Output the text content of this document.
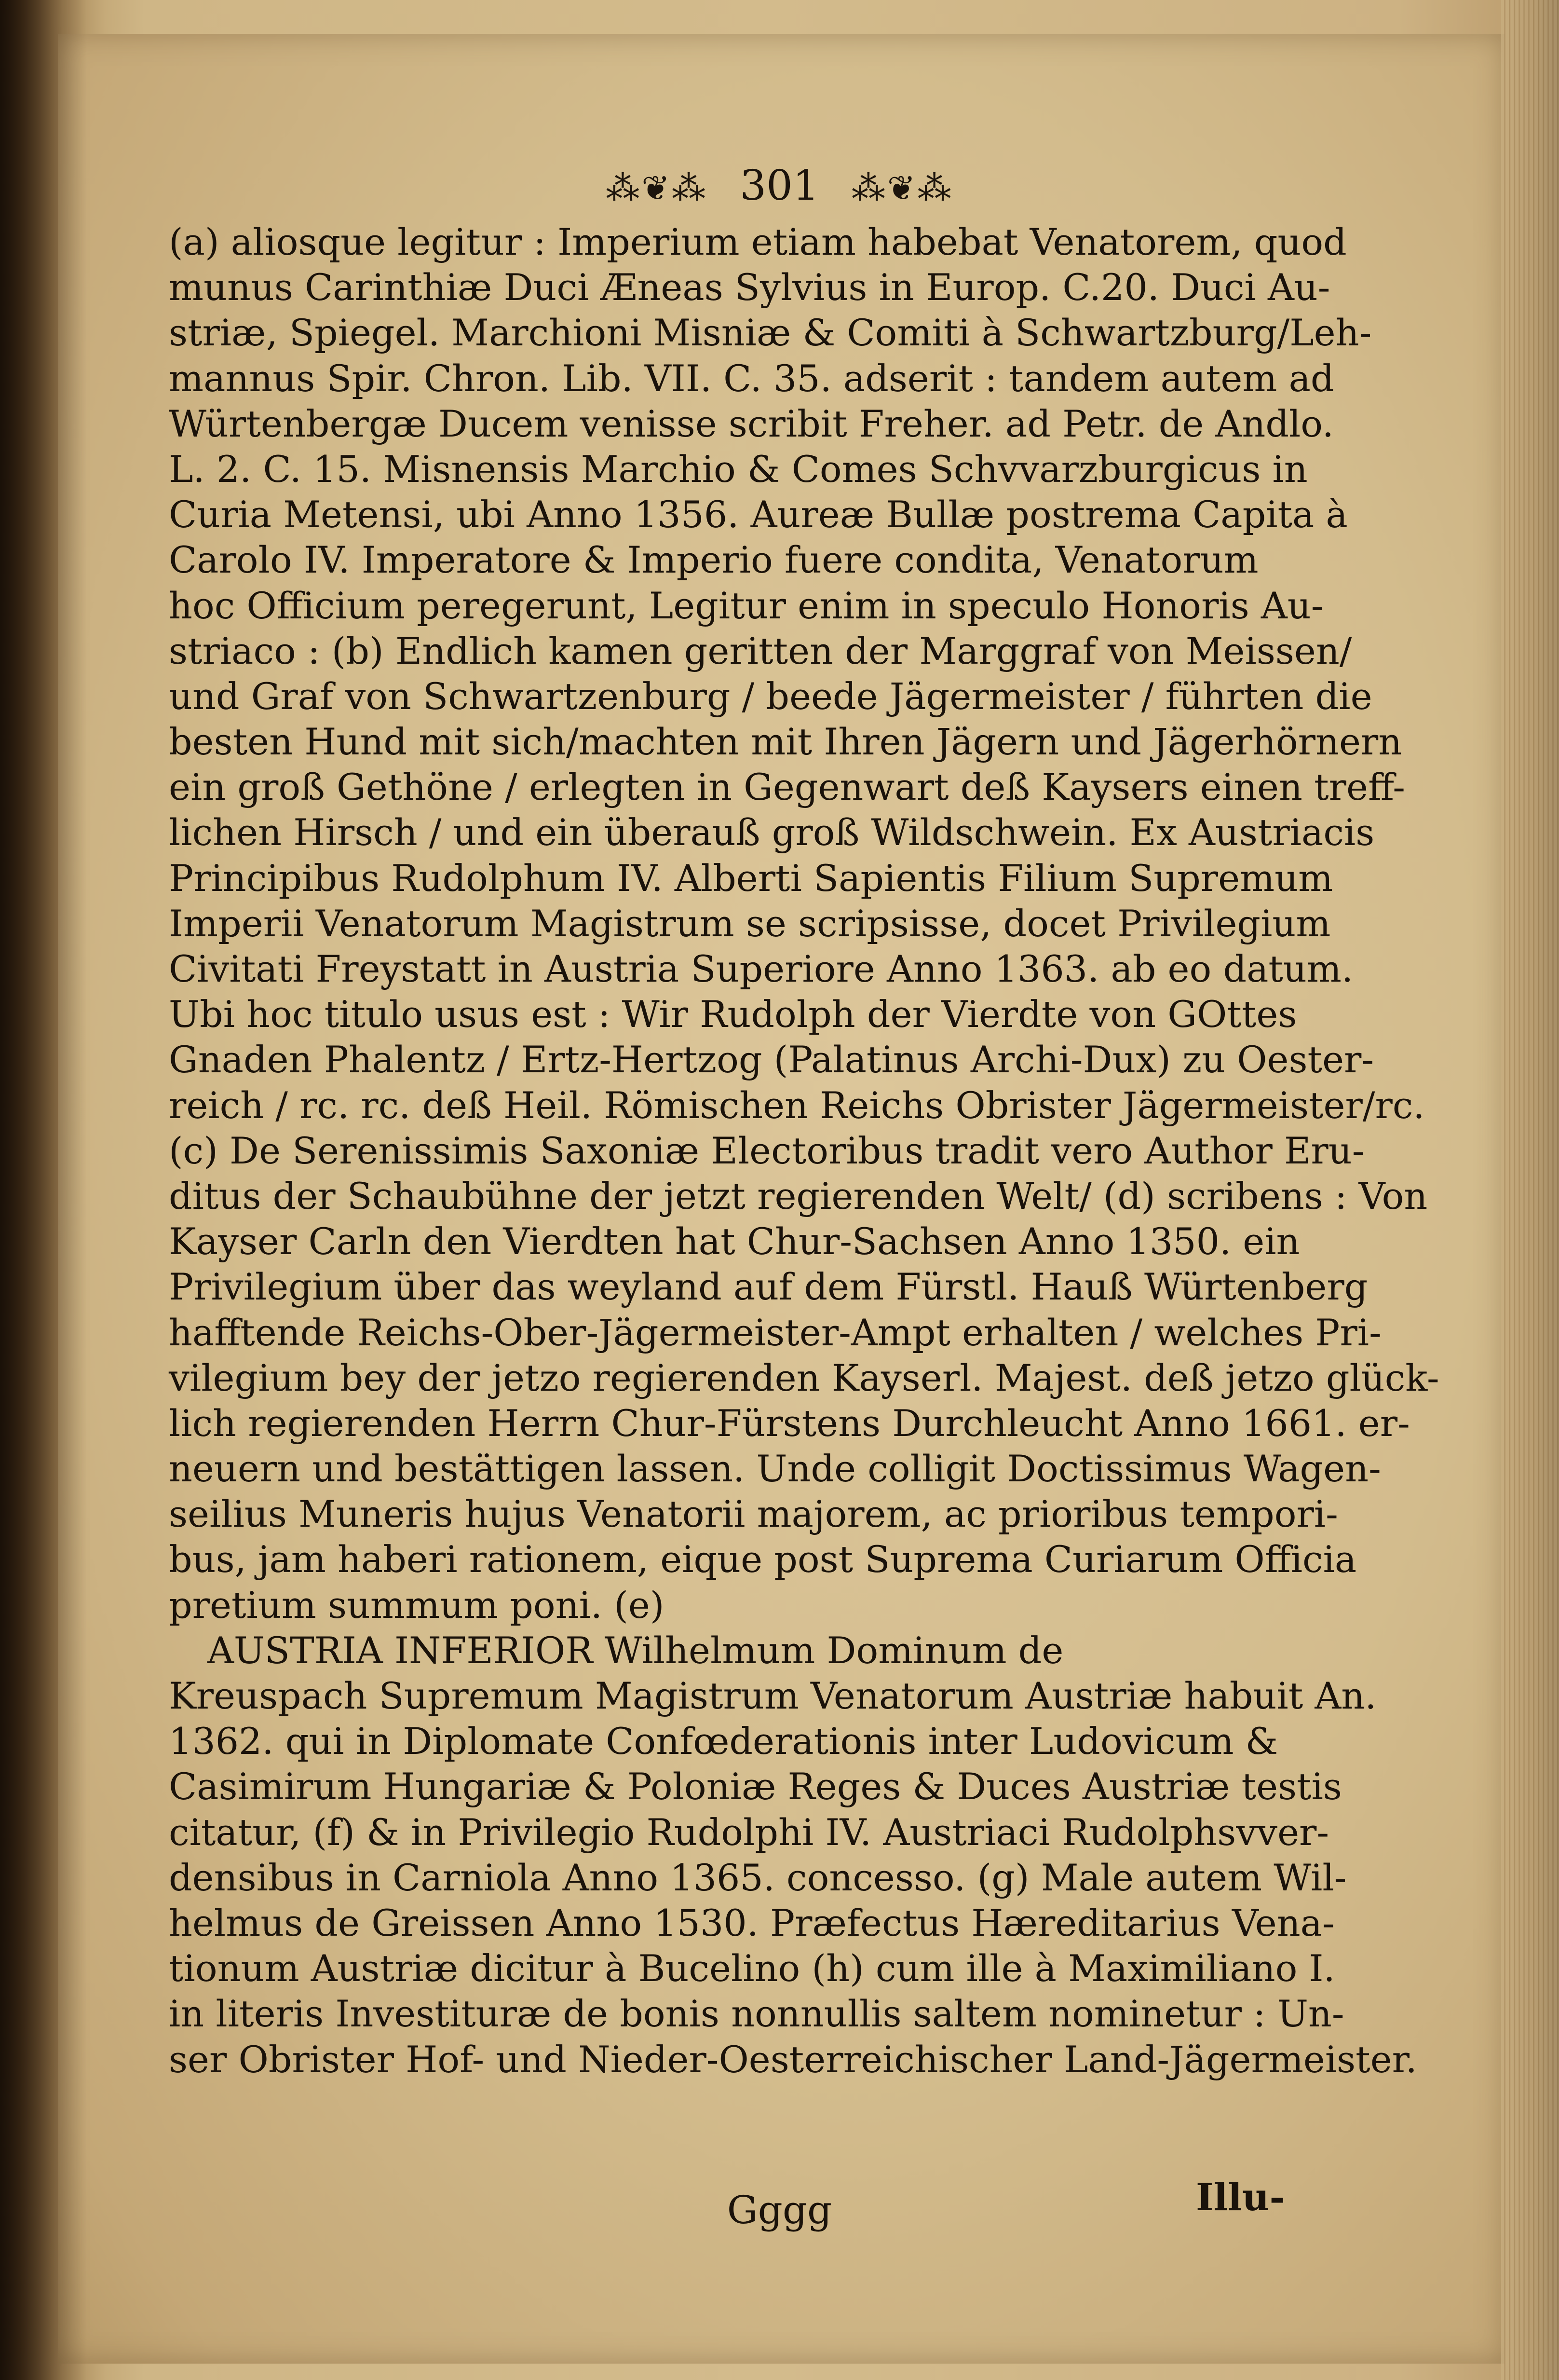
⁂❦⁂ 301 ⁂❦⁂
(a) aliosque legitur : Imperium etiam habebat Venatorem, quod
munus Carinthiæ Duci Æneas Sylvius in Europ. C.20. Duci Au-
striæ, Spiegel. Marchioni Misniæ & Comiti à Schwartzburg/Leh-
mannus Spir. Chron. Lib. VII. C. 35. adserit : tandem autem ad
Würtenbergæ Ducem venisse scribit Freher. ad Petr. de Andlo.
L. 2. C. 15. Misnensis Marchio & Comes Schvvarzburgicus in
Curia Metensi, ubi Anno 1356. Aureæ Bullæ postrema Capita à
Carolo IV. Imperatore & Imperio fuere condita, Venatorum
hoc Officium peregerunt, Legitur enim in speculo Honoris Au-
striaco : (b) Endlich kamen geritten der Marggraf von Meissen/
und Graf von Schwartzenburg / beede Jägermeister / führten die
besten Hund mit sich/machten mit Ihren Jägern und Jägerhörnern
ein groß Gethöne / erlegten in Gegenwart deß Kaysers einen treff-
lichen Hirsch / und ein überauß groß Wildschwein. Ex Austriacis
Principibus Rudolphum IV. Alberti Sapientis Filium Supremum
Imperii Venatorum Magistrum se scripsisse, docet Privilegium
Civitati Freystatt in Austria Superiore Anno 1363. ab eo datum.
Ubi hoc titulo usus est : Wir Rudolph der Vierdte von GOttes
Gnaden Phalentz / Ertz-Hertzog (Palatinus Archi-Dux) zu Oester-
reich / rc. rc. deß Heil. Römischen Reichs Obrister Jägermeister/rc.
(c) De Serenissimis Saxoniæ Electoribus tradit vero Author Eru-
ditus der Schaubühne der jetzt regierenden Welt/ (d) scribens : Von
Kayser Carln den Vierdten hat Chur-Sachsen Anno 1350. ein
Privilegium über das weyland auf dem Fürstl. Hauß Würtenberg
hafftende Reichs-Ober-Jägermeister-Ampt erhalten / welches Pri-
vilegium bey der jetzo regierenden Kayserl. Majest. deß jetzo glück-
lich regierenden Herrn Chur-Fürstens Durchleucht Anno 1661. er-
neuern und bestättigen lassen. Unde colligit Doctissimus Wagen-
seilius Muneris hujus Venatorii majorem, ac prioribus tempori-
bus, jam haberi rationem, eique post Suprema Curiarum Officia
pretium summum poni. (e)
AUSTRIA INFERIOR Wilhelmum Dominum de
Kreuspach Supremum Magistrum Venatorum Austriæ habuit An.
1362. qui in Diplomate Confœderationis inter Ludovicum &
Casimirum Hungariæ & Poloniæ Reges & Duces Austriæ testis
citatur, (f) & in Privilegio Rudolphi IV. Austriaci Rudolphsvver-
densibus in Carniola Anno 1365. concesso. (g) Male autem Wil-
helmus de Greissen Anno 1530. Præfectus Hæreditarius Vena-
tionum Austriæ dicitur à Bucelino (h) cum ille à Maximiliano I.
in literis Investituræ de bonis nonnullis saltem nominetur : Un-
ser Obrister Hof- und Nieder-Oesterreichischer Land-Jägermeister.
Gggg	Illu-
